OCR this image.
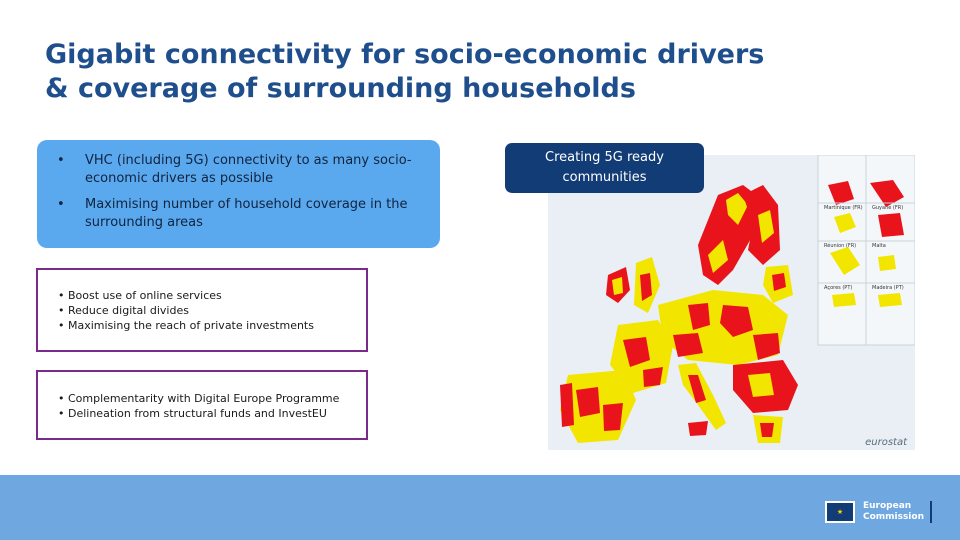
Gigabit connectivity for socio-economic drivers
& coverage of surrounding households
•	VHC (including 5G) connectivity to as many socio-economic drivers as possible
•	Maximising number of household coverage in the surrounding areas
• Boost use of online services
• Reduce digital divides
• Maximising the reach of private investments
• Complementarity with Digital Europe Programme
• Delineation from structural funds and InvestEU
Martinique (FR) Guyane (FR)
Réunion (FR)	Malta
Açores (PT)	Madeira (PT)
eurostat
Creating 5G ready
communities
★
European
Commission
